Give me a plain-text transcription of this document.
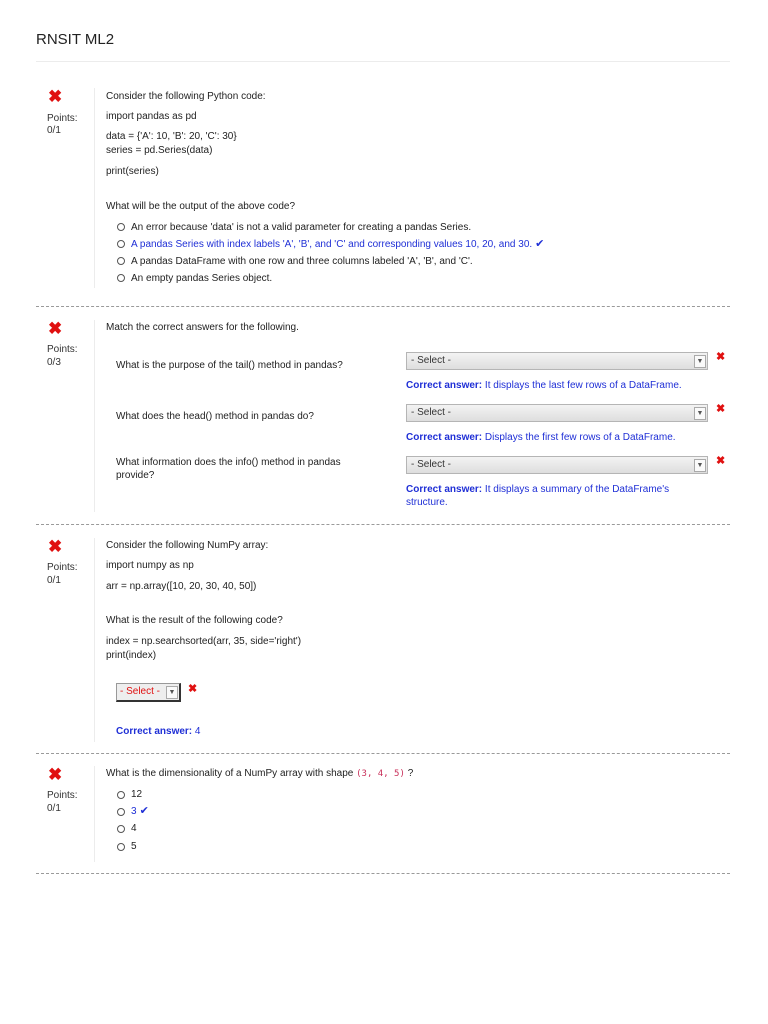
RNSIT ML2
✖
Points:
0/1
Consider the following Python code:
import pandas as pd
data = {'A': 10, 'B': 20, 'C': 30}
series = pd.Series(data)
print(series)
What will be the output of the above code?
An error because 'data' is not a valid parameter for creating a pandas Series.
A pandas Series with index labels 'A', 'B', and 'C' and corresponding values 10, 20, and 30. ✔
A pandas DataFrame with one row and three columns labeled 'A', 'B', and 'C'.
An empty pandas Series object.
✖
Points:
0/3
Match the correct answers for the following.
What is the purpose of the tail() method in pandas?	- Select -	▼ ✖
Correct answer: It displays the last few rows of a DataFrame.
What does the head() method in pandas do?	- Select -	▼ ✖
Correct answer: Displays the first few rows of a DataFrame.
What information does the info() method in pandas provide?
- Select -	▼ ✖
Correct answer: It displays a summary of the DataFrame's structure.
✖
Points:
0/1
Consider the following NumPy array:
import numpy as np
arr = np.array([10, 20, 30, 40, 50])
What is the result of the following code?
index = np.searchsorted(arr, 35, side='right')
print(index)
- Select -	▼ ✖
Correct answer: 4
✖
Points:
0/1
What is the dimensionality of a NumPy array with shape (3, 4, 5) ?
12
3 ✔
4
5
